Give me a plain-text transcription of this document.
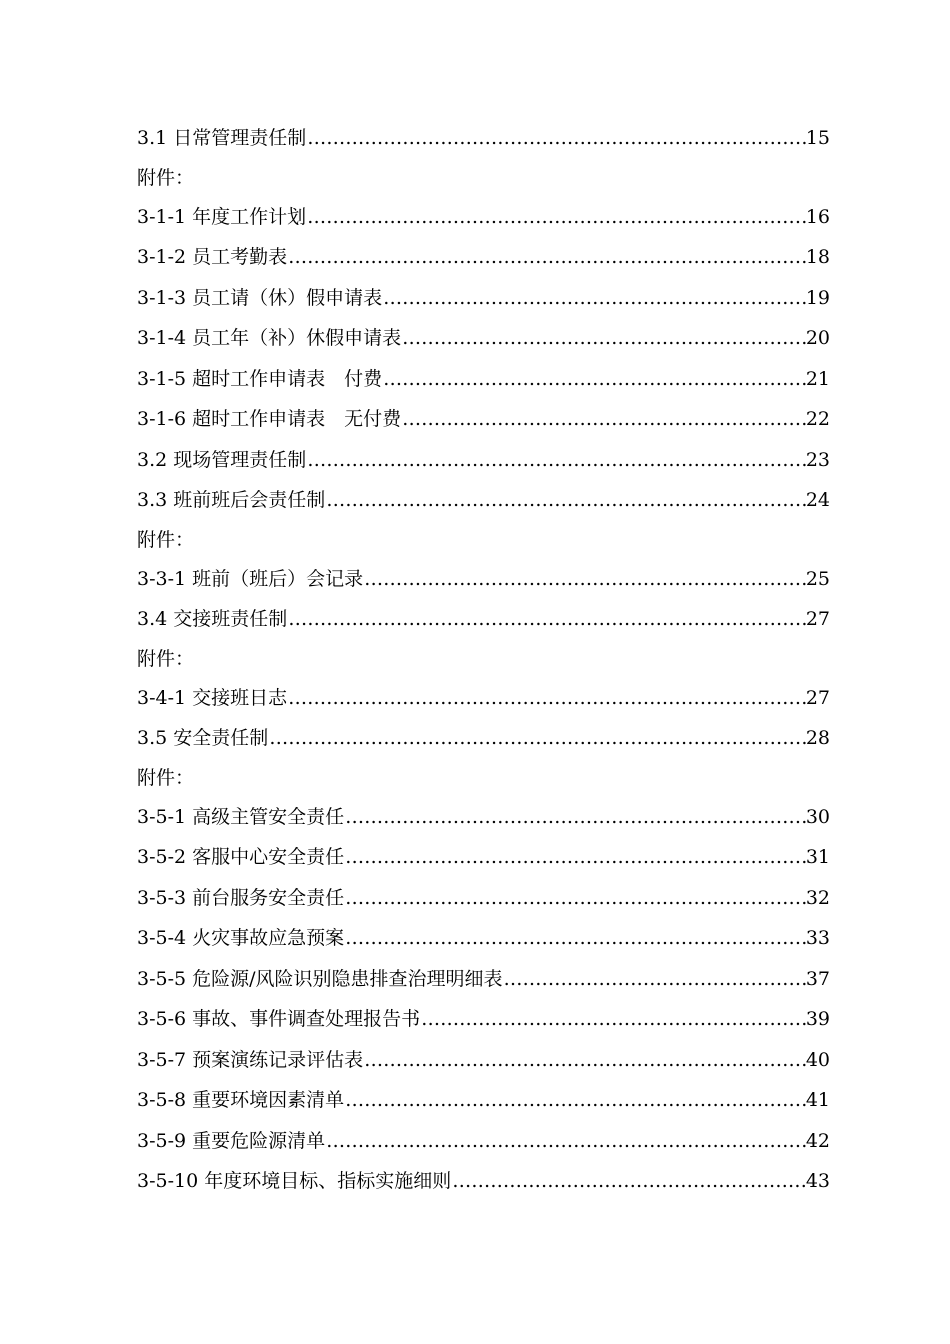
3.1 日常管理责任制 …………………………………………………………………………………………………………………………………………………………………………………………	15
附件：
3-1-1 年度工作计划 …………………………………………………………………………………………………………………………………………………………………………………………	16
3-1-2 员工考勤表 …………………………………………………………………………………………………………………………………………………………………………………………	18
3-1-3 员工请（休）假申请表 …………………………………………………………………………………………………………………………………………………………………………………………	19
3-1-4 员工年（补）休假申请表 …………………………………………………………………………………………………………………………………………………………………………………………	20
3-1-5 超时工作申请表　付费 …………………………………………………………………………………………………………………………………………………………………………………………	21
3-1-6 超时工作申请表　无付费 …………………………………………………………………………………………………………………………………………………………………………………………	22
3.2 现场管理责任制 …………………………………………………………………………………………………………………………………………………………………………………………	23
3.3 班前班后会责任制 …………………………………………………………………………………………………………………………………………………………………………………………	24
附件：
3-3-1 班前（班后）会记录 …………………………………………………………………………………………………………………………………………………………………………………………	25
3.4 交接班责任制 …………………………………………………………………………………………………………………………………………………………………………………………	27
附件：
3-4-1 交接班日志 …………………………………………………………………………………………………………………………………………………………………………………………	27
3.5 安全责任制 …………………………………………………………………………………………………………………………………………………………………………………………	28
附件：
3-5-1 高级主管安全责任 …………………………………………………………………………………………………………………………………………………………………………………………	30
3-5-2 客服中心安全责任 …………………………………………………………………………………………………………………………………………………………………………………………	31
3-5-3 前台服务安全责任 …………………………………………………………………………………………………………………………………………………………………………………………	32
3-5-4 火灾事故应急预案 …………………………………………………………………………………………………………………………………………………………………………………………	33
3-5-5 危险源/风险识别隐患排查治理明细表 …………………………………………………………………………………………………………………………………………………………………………………………	37
3-5-6 事故、事件调查处理报告书 …………………………………………………………………………………………………………………………………………………………………………………………	39
3-5-7 预案演练记录评估表 …………………………………………………………………………………………………………………………………………………………………………………………	40
3-5-8 重要环境因素清单 …………………………………………………………………………………………………………………………………………………………………………………………	41
3-5-9 重要危险源清单 …………………………………………………………………………………………………………………………………………………………………………………………	42
3-5-10 年度环境目标、指标实施细则 …………………………………………………………………………………………………………………………………………………………………………………………	43
